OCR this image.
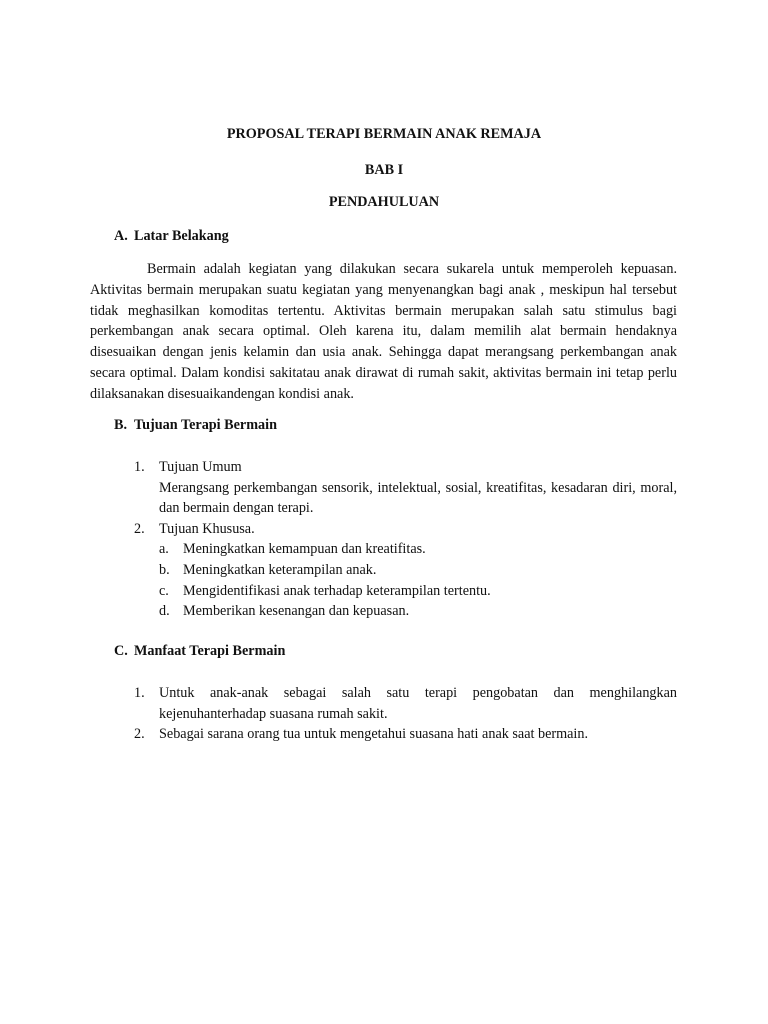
PROPOSAL TERAPI BERMAIN ANAK REMAJA
BAB I
PENDAHULUAN
A. Latar Belakang
Bermain adalah kegiatan yang dilakukan secara sukarela untuk memperoleh kepuasan. Aktivitas bermain merupakan suatu kegiatan yang menyenangkan bagi anak , meskipun hal tersebut tidak meghasilkan komoditas tertentu. Aktivitas bermain merupakan salah satu stimulus bagi perkembangan anak secara optimal. Oleh karena itu, dalam memilih alat bermain hendaknya disesuaikan dengan jenis kelamin dan usia anak. Sehingga dapat merangsang perkembangan anak secara optimal. Dalam kondisi sakitatau anak dirawat di rumah sakit, aktivitas bermain ini tetap perlu dilaksanakan disesuaikandengan kondisi anak.
B. Tujuan Terapi Bermain
1. Tujuan Umum
Merangsang perkembangan sensorik, intelektual, sosial, kreatifitas, kesadaran diri, moral, dan bermain dengan terapi.
2. Tujuan Khususa.
a. Meningkatkan kemampuan dan kreatifitas.
b. Meningkatkan keterampilan anak.
c. Mengidentifikasi anak terhadap keterampilan tertentu.
d. Memberikan kesenangan dan kepuasan.
C. Manfaat Terapi Bermain
1. Untuk anak-anak sebagai salah satu terapi pengobatan dan menghilangkan kejenuhanterhadap suasana rumah sakit.
2. Sebagai sarana orang tua untuk mengetahui suasana hati anak saat bermain.
